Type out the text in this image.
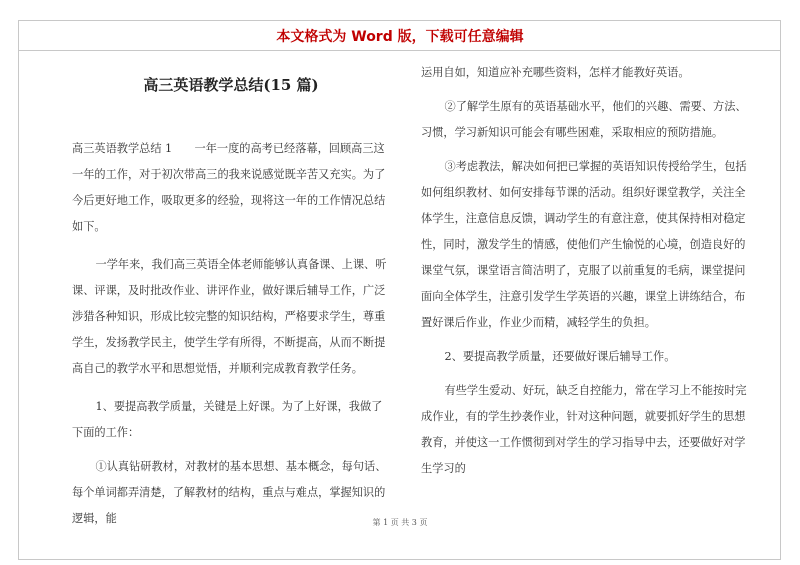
本文格式为 Word 版，下载可任意编辑

高三英语教学总结(15 篇)

高三英语教学总结 1　　一年一度的高考已经落幕，回顾高三这一年的工作，对于初次带高三的我来说感觉既辛苦又充实。为了今后更好地工作，吸取更多的经验，现将这一年的工作情况总结如下。

一学年来，我们高三英语全体老师能够认真备课、上课、听课、评课，及时批改作业、讲评作业，做好课后辅导工作，广泛涉猎各种知识，形成比较完整的知识结构，严格要求学生，尊重学生，发扬教学民主，使学生学有所得，不断提高，从而不断提高自己的教学水平和思想觉悟，并顺利完成教育教学任务。

1、要提高教学质量，关键是上好课。为了上好课，我做了下面的工作：

①认真钻研教材，对教材的基本思想、基本概念，每句话、每个单词都弄清楚，了解教材的结构，重点与难点，掌握知识的逻辑，能

运用自如，知道应补充哪些资料，怎样才能教好英语。

②了解学生原有的英语基础水平，他们的兴趣、需要、方法、习惯，学习新知识可能会有哪些困难，采取相应的预防措施。

③考虑教法，解决如何把已掌握的英语知识传授给学生，包括如何组织教材、如何安排每节课的活动。组织好课堂教学，关注全体学生，注意信息反馈，调动学生的有意注意，使其保持相对稳定性，同时，激发学生的情感，使他们产生愉悦的心境，创造良好的课堂气氛，课堂语言简洁明了，克服了以前重复的毛病，课堂提问面向全体学生，注意引发学生学英语的兴趣，课堂上讲练结合，布置好课后作业，作业少而精，减轻学生的负担。

2、要提高教学质量，还要做好课后辅导工作。

有些学生爱动、好玩，缺乏自控能力，常在学习上不能按时完成作业，有的学生抄袭作业，针对这种问题，就要抓好学生的思想教育，并使这一工作惯彻到对学生的学习指导中去，还要做好对学生学习的

第 1 页 共 3 页
